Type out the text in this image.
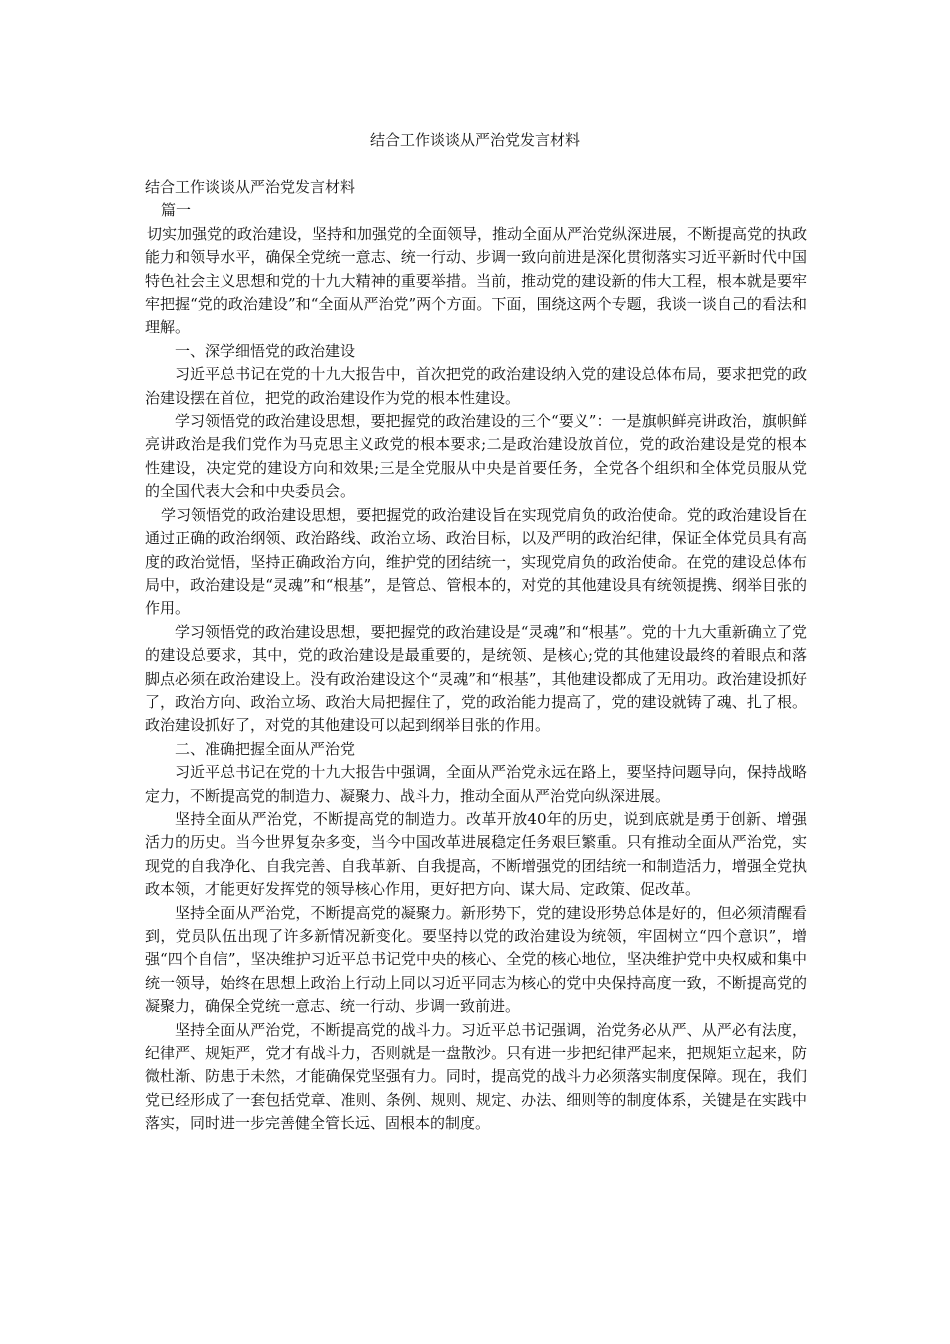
结合工作谈谈从严治党发言材料

结合工作谈谈从严治党发言材料

篇一

切实加强党的政治建设，坚持和加强党的全面领导，推动全面从严治党纵深进展，不断提高党的执政能力和领导水平，确保全党统一意志、统一行动、步调一致向前进是深化贯彻落实习近平新时代中国特色社会主义思想和党的十九大精神的重要举措。当前，推动党的建设新的伟大工程，根本就是要牢牢把握“党的政治建设”和“全面从严治党”两个方面。下面，围绕这两个专题，我谈一谈自己的看法和理解。

一、深学细悟党的政治建设

习近平总书记在党的十九大报告中，首次把党的政治建设纳入党的建设总体布局，要求把党的政治建设摆在首位，把党的政治建设作为党的根本性建设。

学习领悟党的政治建设思想，要把握党的政治建设的三个“要义”：一是旗帜鲜亮讲政治，旗帜鲜亮讲政治是我们党作为马克思主义政党的根本要求;二是政治建设放首位，党的政治建设是党的根本性建设，决定党的建设方向和效果;三是全党服从中央是首要任务，全党各个组织和全体党员服从党的全国代表大会和中央委员会。

学习领悟党的政治建设思想，要把握党的政治建设旨在实现党肩负的政治使命。党的政治建设旨在通过正确的政治纲领、政治路线、政治立场、政治目标，以及严明的政治纪律，保证全体党员具有高度的政治觉悟，坚持正确政治方向，维护党的团结统一，实现党肩负的政治使命。在党的建设总体布局中，政治建设是“灵魂”和“根基”，是管总、管根本的，对党的其他建设具有统领提携、纲举目张的作用。

学习领悟党的政治建设思想，要把握党的政治建设是“灵魂”和“根基”。党的十九大重新确立了党的建设总要求，其中，党的政治建设是最重要的，是统领、是核心;党的其他建设最终的着眼点和落脚点必须在政治建设上。没有政治建设这个“灵魂”和“根基”，其他建设都成了无用功。政治建设抓好了，政治方向、政治立场、政治大局把握住了，党的政治能力提高了，党的建设就铸了魂、扎了根。政治建设抓好了，对党的其他建设可以起到纲举目张的作用。

二、准确把握全面从严治党

习近平总书记在党的十九大报告中强调，全面从严治党永远在路上，要坚持问题导向，保持战略定力，不断提高党的制造力、凝聚力、战斗力，推动全面从严治党向纵深进展。

坚持全面从严治党，不断提高党的制造力。改革开放40年的历史，说到底就是勇于创新、增强活力的历史。当今世界复杂多变，当今中国改革进展稳定任务艰巨繁重。只有推动全面从严治党，实现党的自我净化、自我完善、自我革新、自我提高，不断增强党的团结统一和制造活力，增强全党执政本领，才能更好发挥党的领导核心作用，更好把方向、谋大局、定政策、促改革。

坚持全面从严治党，不断提高党的凝聚力。新形势下，党的建设形势总体是好的，但必须清醒看到，党员队伍出现了许多新情况新变化。要坚持以党的政治建设为统领，牢固树立“四个意识”，增强“四个自信”，坚决维护习近平总书记党中央的核心、全党的核心地位，坚决维护党中央权威和集中统一领导，始终在思想上政治上行动上同以习近平同志为核心的党中央保持高度一致，不断提高党的凝聚力，确保全党统一意志、统一行动、步调一致前进。

坚持全面从严治党，不断提高党的战斗力。习近平总书记强调，治党务必从严、从严必有法度，纪律严、规矩严，党才有战斗力，否则就是一盘散沙。只有进一步把纪律严起来，把规矩立起来，防微杜渐、防患于未然，才能确保党坚强有力。同时，提高党的战斗力必须落实制度保障。现在，我们党已经形成了一套包括党章、准则、条例、规则、规定、办法、细则等的制度体系，关键是在实践中落实，同时进一步完善健全管长远、固根本的制度。
